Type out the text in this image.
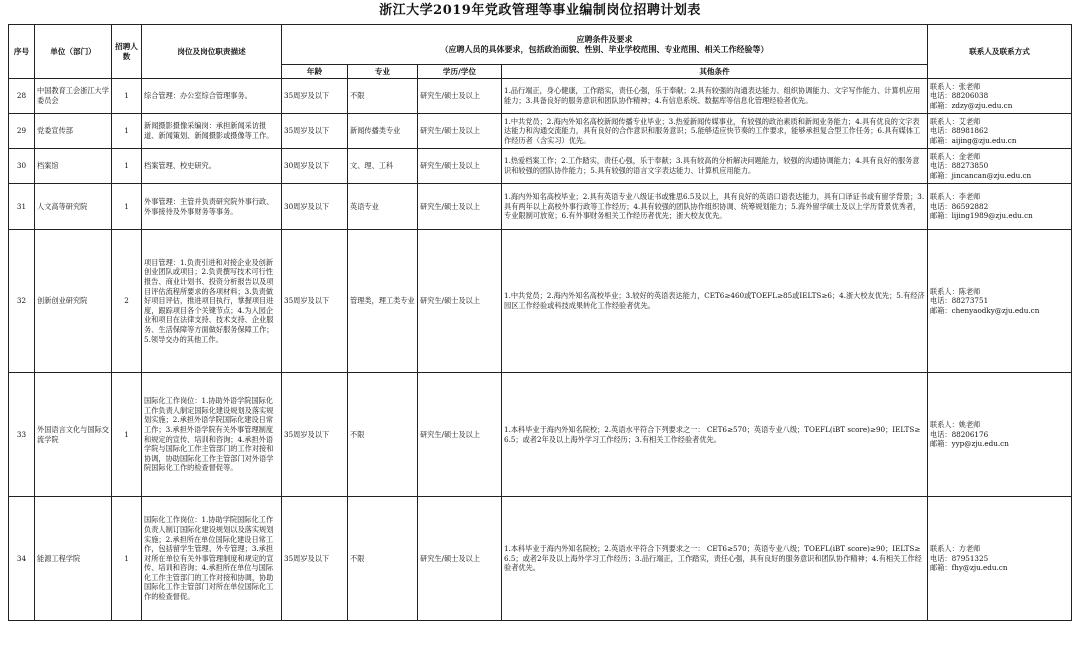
浙江大学2019年党政管理等事业编制岗位招聘计划表
序号	单位（部门）	招聘人数	岗位及岗位职责描述	应聘条件及要求
（应聘人员的具体要求，包括政治面貌、性别、毕业学校范围、专业范围、相关工作经验等）				联系人及联系方式
				年龄	专业	学历/学位	其他条件	
28	中国教育工会浙江大学委员会	1	综合管理：办公室综合管理事务。	35周岁及以下	不限	研究生/硕士及以上	1.品行端正，身心健康，工作踏实，责任心强，乐于奉献；2.具有较强的沟通表达能力、组织协调能力、文字写作能力、计算机应用能力；3.具备良好的服务意识和团队协作精神；4.有信息系统、数据库等信息化管理经验者优先。	联系人：张老师
电话：88206038
邮箱：zdzy@zju.edu.cn

29	党委宣传部	1	新闻摄影摄像采编岗：承担新闻采访报道、新闻策划、新闻摄影或摄像等工作。	35周岁及以下	新闻传播类专业	研究生/硕士及以上	1.中共党员；2.海内外知名高校新闻传播专业毕业；3.热爱新闻传媒事业，有较强的政治素质和新闻业务能力；4.具有优良的文字表达能力和沟通交流能力，具有良好的合作意识和服务意识；5.能够适应快节奏的工作要求，能够承担复合型工作任务；6.具有媒体工作经历者（含实习）优先。	联系人：艾老师
电话：88981862
邮箱：aijing@zju.edu.cn

30	档案馆	1	档案管理、校史研究。	30周岁及以下	文、理、工科	研究生/硕士及以上	1.热爱档案工作；2.工作踏实，责任心强，乐于奉献；3.具有较高的分析解决问题能力，较强的沟通协调能力；4.具有良好的服务意识和较强的团队协作能力；5.具有较强的语言文字表达能力、计算机应用能力。	联系人：金老师
电话：88273850
邮箱：jincancan@zju.edu.cn

31	人文高等研究院	1	外事管理：主管并负责研究院外事行政、外事接待及外事财务等事务。	30周岁及以下	英语专业	研究生/硕士及以上	1.海内外知名高校毕业；2.具有英语专业八级证书或雅思6.5及以上，具有良好的英语口语表达能力，具有口译证书或有留学背景；3.具有两年以上高校外事行政等工作经历；4.具有较强的团队协作组织协调、统筹规划能力；5.海外留学硕士及以上学历背景优秀者，专业限制可放宽；6.有外事财务相关工作经历者优先；浙大校友优先。	联系人：李老师
电话：86592882
邮箱：lijing1989@zju.edu.cn

32	创新创业研究院	2	项目管理：1.负责引进和对接企业及创新创业团队或项目；2.负责撰写技术可行性报告、商业计划书、投资分析报告以及项目评估流程所要求的各项材料；3.负责做好项目评估，推进项目执行，掌握项目进度，跟踪项目各个关键节点；4.为入园企业和项目在法律支持、技术支持、企业服务、生活保障等方面做好服务保障工作；5.领导交办的其他工作。	35周岁及以下	管理类，理工类专业	研究生/硕士及以上	1.中共党员；2.海内外知名高校毕业；3.较好的英语表达能力，CET6≥460或TOEFL≥85或IELTS≥6；4.浙大校友优先；5.有经济园区工作经验或科技成果转化工作经验者优先。	联系人：陈老师
电话：88273751
邮箱：chenyaodky@zju.edu.cn

33	外国语言文化与国际交流学院	1	国际化工作岗位：1.协助外语学院国际化工作负责人制定国际化建设规划及落实规划实施；2.承担外语学院国际化建设日常工作；3.承担外语学院有关外事管理制度和规定的宣传、培训和咨询；4.承担外语学院与国际化工作主管部门的工作对接和协调，协助国际化工作主管部门对外语学院国际化工作的检查督促等。	35周岁及以下	不限	研究生/硕士及以上	1.本科毕业于海内外知名院校；2.英语水平符合下列要求之一： CET6≥570；英语专业八级；TOEFL(iBT score)≥90；IELTS≥6.5；或者2年及以上海外学习工作经历；3.有相关工作经验者优先。	联系人：姚老师
电话：88206176
邮箱：yyp@zju.edu.cn

34	能源工程学院	1	国际化工作岗位：1.协助学院国际化工作负责人制订国际化建设规划以及落实规划实施；2.承担所在单位国际化建设日常工作，包括留学生管理、外专管理；3.承担对所在单位有关外事管理制度和规定的宣传、培训和咨询；4.承担所在单位与国际化工作主管部门的工作对接和协调，协助国际化工作主管部门对所在单位国际化工作的检查督促。	35周岁及以下	不限	研究生/硕士及以上	1.本科毕业于海内外知名院校；2.英语水平符合下列要求之一： CET6≥570；英语专业八级；TOEFL(iBT score)≥90；IELTS≥6.5；或者2年及以上海外学习工作经历；3.品行端正，工作踏实，责任心强，具有良好的服务意识和团队协作精神；4.有相关工作经验者优先。	联系人：方老师
电话：87951325
邮箱：fhy@zju.edu.cn
